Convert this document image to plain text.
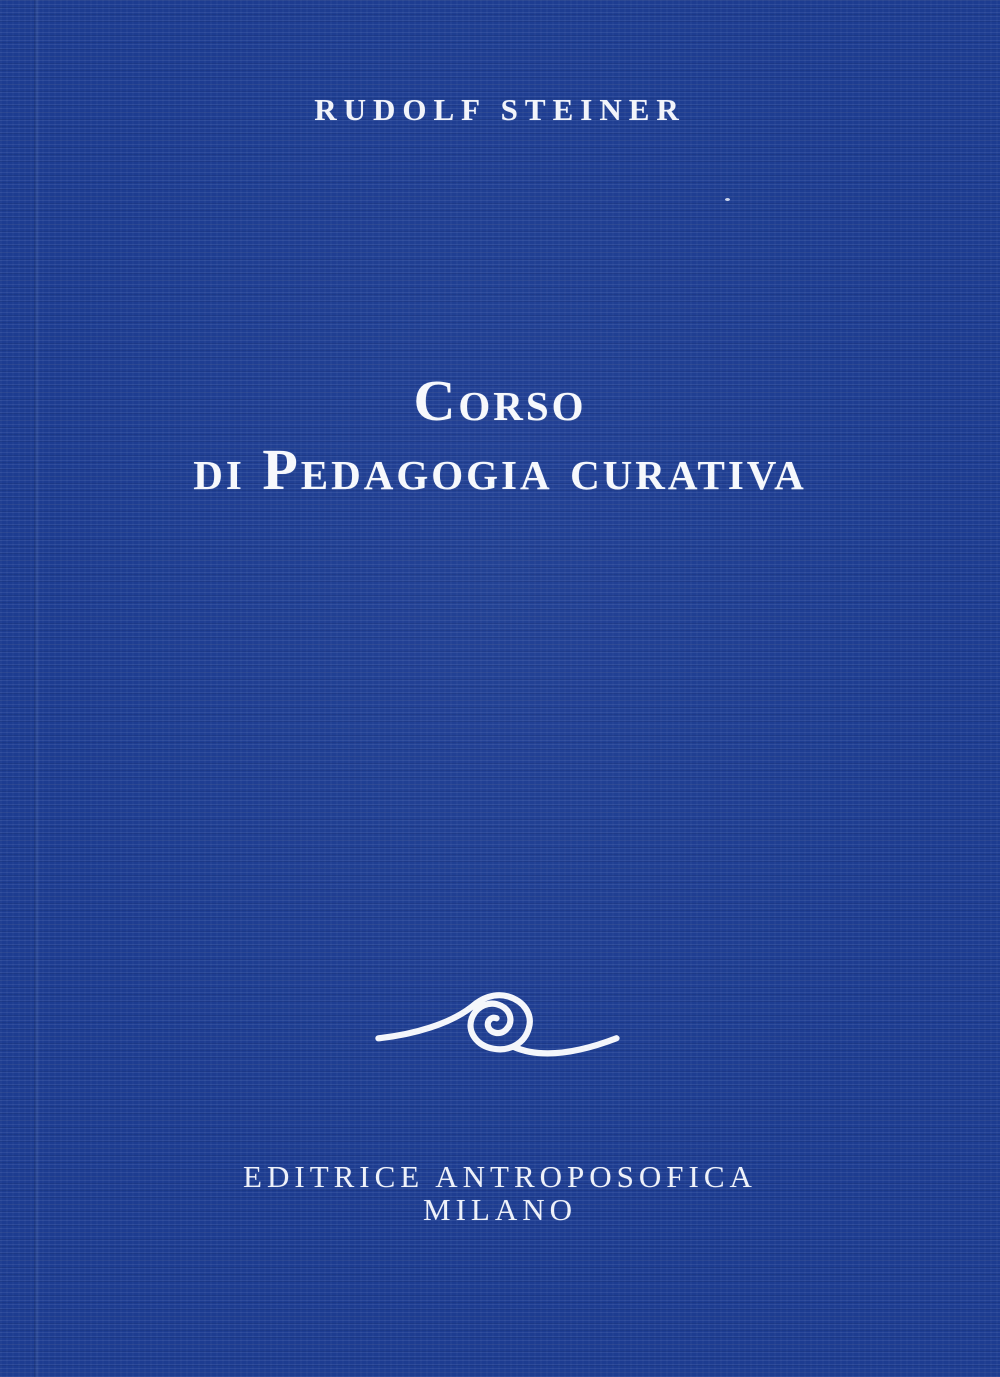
RUDOLF STEINER
Corso
di Pedagogia curativa
EDITRICE ANTROPOSOFICA
MILANO
